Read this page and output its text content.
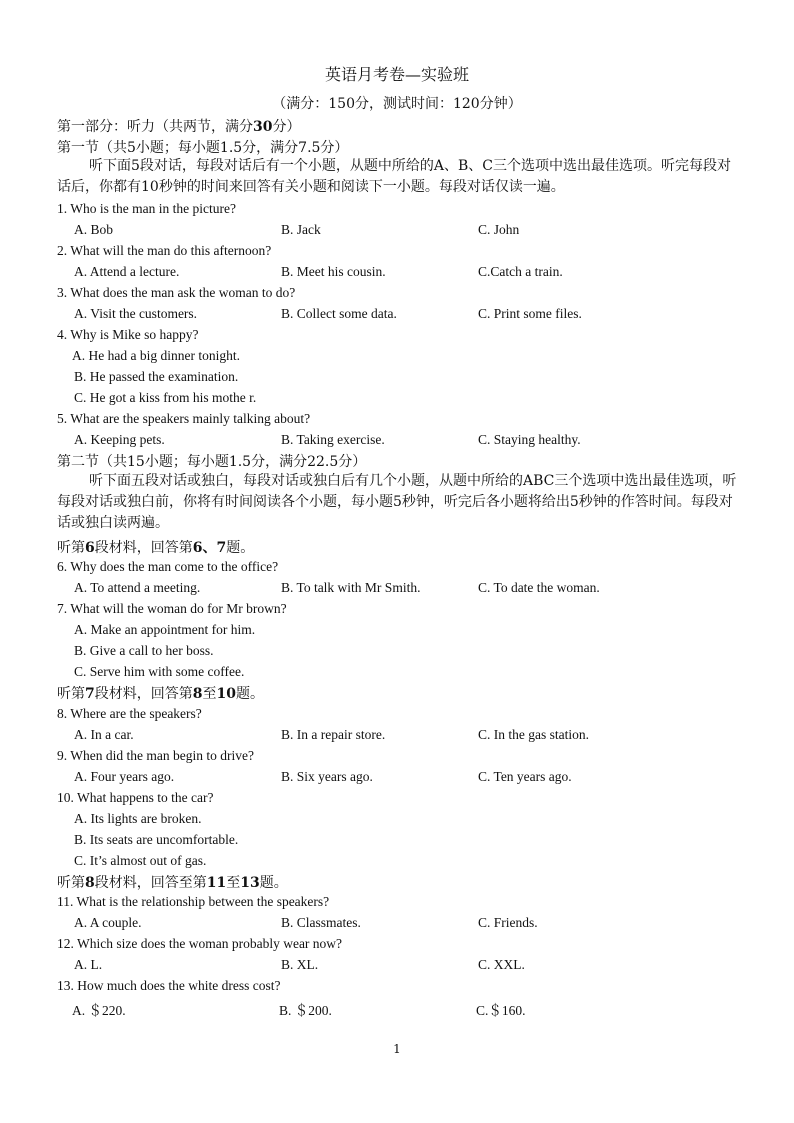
英语月考卷—实验班
（满分：150分，测试时间：120分钟）
第一部分：听力（共两节，满分30分）
第一节（共5小题；每小题1.5分，满分7.5分）
听下面5段对话，每段对话后有一个小题，从题中所给的A、B、C三个选项中选出最佳选项。听完每段对话后，你都有10秒钟的时间来回答有关小题和阅读下一小题。每段对话仅读一遍。
1. Who is the man in the picture?
A. Bob	B. Jack	C. John
2. What will the man do this afternoon?
A. Attend a lecture.	B. Meet his cousin.	C.Catch a train.
3. What does the man ask the woman to do?
A. Visit the customers.	B. Collect some data.	C. Print some files.
4. Why is Mike so happy?
A. He had a big dinner tonight.
B. He passed the examination.
C. He got a kiss from his mothe r.
5. What are the speakers mainly talking about?
A. Keeping pets.	B. Taking exercise.	C. Staying healthy.
第二节（共15小题；每小题1.5分，满分22.5分）
听下面五段对话或独白，每段对话或独白后有几个小题，从题中所给的ABC三个选项中选出最佳选项，听每段对话或独白前，你将有时间阅读各个小题，每小题5秒钟，听完后各小题将给出5秒钟的作答时间。每段对话或独白读两遍。
听第6段材料，回答第6、7题。
6. Why does the man come to the office?
A. To attend a meeting.	B. To talk with Mr Smith.	C. To date the woman.
7. What will the woman do for Mr brown?
A. Make an appointment for him.
B. Give a call to her boss.
C. Serve him with some coffee.
听第7段材料，回答第8至10题。
8. Where are the speakers?
A. In a car.	B. In a repair store.	C. In the gas station.
9. When did the man begin to drive?
A. Four years ago.	B. Six years ago.	C. Ten years ago.
10. What happens to the car?
A. Its lights are broken.
B. Its seats are uncomfortable.
C. It’s almost out of gas.
听第8段材料，回答至第11至13题。
11. What is the relationship between the speakers?
A. A couple.	B. Classmates.	C. Friends.
12. Which size does the woman probably wear now?
A. L.	B. XL.	C. XXL.
13. How much does the white dress cost?
A. ＄220.	B. ＄200.	C.＄160.
1
